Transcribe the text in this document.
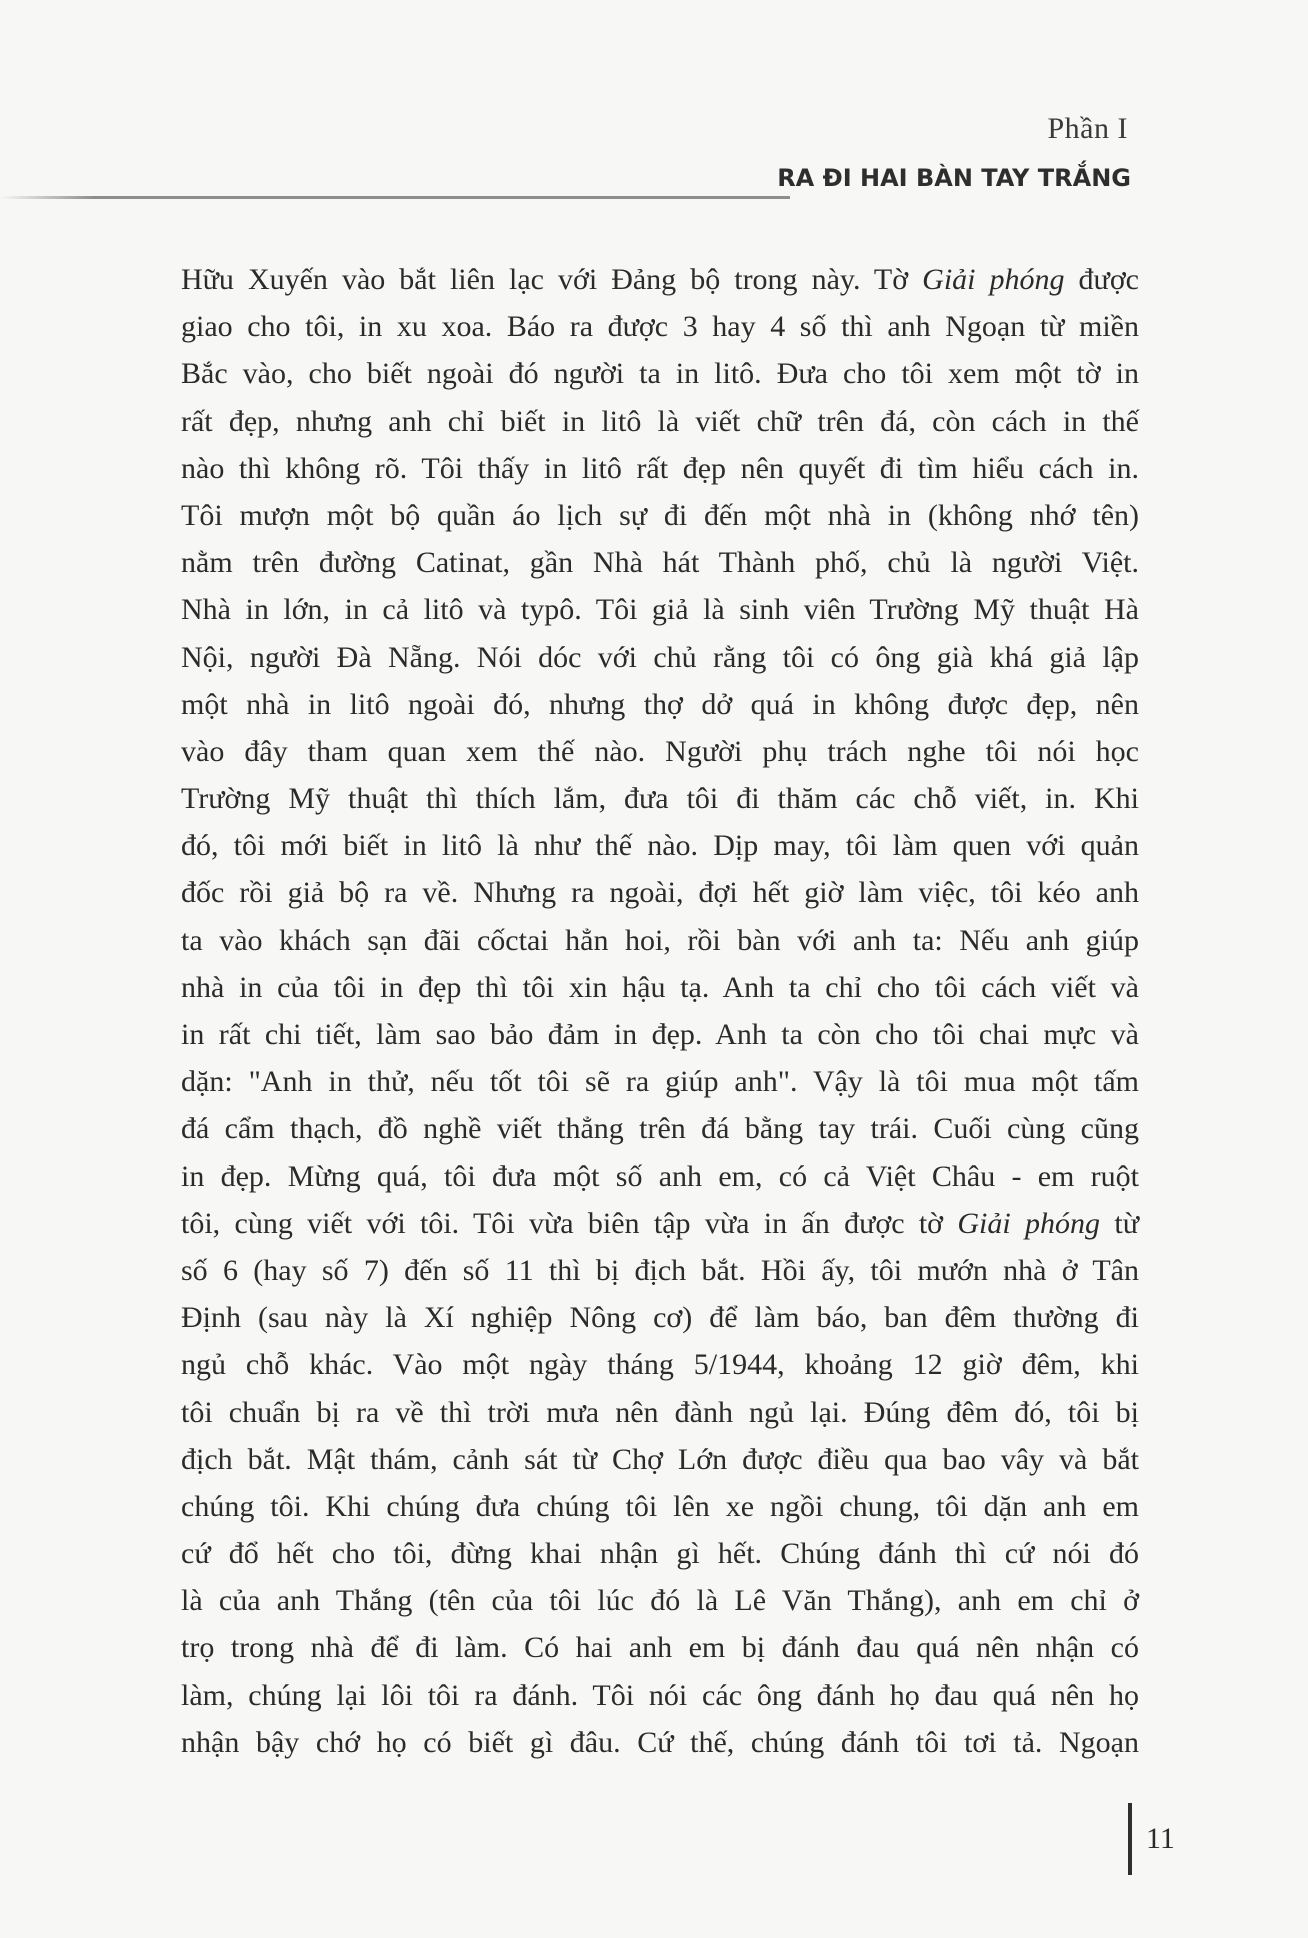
Phần I
RA ĐI HAI BÀN TAY TRẮNG
Hữu Xuyến vào bắt liên lạc với Đảng bộ trong này. Tờ Giải phóng được
giao cho tôi, in xu xoa. Báo ra được 3 hay 4 số thì anh Ngoạn từ miền
Bắc vào, cho biết ngoài đó người ta in litô. Đưa cho tôi xem một tờ in
rất đẹp, nhưng anh chỉ biết in litô là viết chữ trên đá, còn cách in thế
nào thì không rõ. Tôi thấy in litô rất đẹp nên quyết đi tìm hiểu cách in.
Tôi mượn một bộ quần áo lịch sự đi đến một nhà in (không nhớ tên)
nằm trên đường Catinat, gần Nhà hát Thành phố, chủ là người Việt.
Nhà in lớn, in cả litô và typô. Tôi giả là sinh viên Trường Mỹ thuật Hà
Nội, người Đà Nẵng. Nói dóc với chủ rằng tôi có ông già khá giả lập
một nhà in litô ngoài đó, nhưng thợ dở quá in không được đẹp, nên
vào đây tham quan xem thế nào. Người phụ trách nghe tôi nói học
Trường Mỹ thuật thì thích lắm, đưa tôi đi thăm các chỗ viết, in. Khi
đó, tôi mới biết in litô là như thế nào. Dịp may, tôi làm quen với quản
đốc rồi giả bộ ra về. Nhưng ra ngoài, đợi hết giờ làm việc, tôi kéo anh
ta vào khách sạn đãi cốctai hẳn hoi, rồi bàn với anh ta: Nếu anh giúp
nhà in của tôi in đẹp thì tôi xin hậu tạ. Anh ta chỉ cho tôi cách viết và
in rất chi tiết, làm sao bảo đảm in đẹp. Anh ta còn cho tôi chai mực và
dặn: "Anh in thử, nếu tốt tôi sẽ ra giúp anh". Vậy là tôi mua một tấm
đá cẩm thạch, đồ nghề viết thẳng trên đá bằng tay trái. Cuối cùng cũng
in đẹp. Mừng quá, tôi đưa một số anh em, có cả Việt Châu - em ruột
tôi, cùng viết với tôi. Tôi vừa biên tập vừa in ấn được tờ Giải phóng từ
số 6 (hay số 7) đến số 11 thì bị địch bắt. Hồi ấy, tôi mướn nhà ở Tân
Định (sau này là Xí nghiệp Nông cơ) để làm báo, ban đêm thường đi
ngủ chỗ khác. Vào một ngày tháng 5/1944, khoảng 12 giờ đêm, khi
tôi chuẩn bị ra về thì trời mưa nên đành ngủ lại. Đúng đêm đó, tôi bị
địch bắt. Mật thám, cảnh sát từ Chợ Lớn được điều qua bao vây và bắt
chúng tôi. Khi chúng đưa chúng tôi lên xe ngồi chung, tôi dặn anh em
cứ đổ hết cho tôi, đừng khai nhận gì hết. Chúng đánh thì cứ nói đó
là của anh Thắng (tên của tôi lúc đó là Lê Văn Thắng), anh em chỉ ở
trọ trong nhà để đi làm. Có hai anh em bị đánh đau quá nên nhận có
làm, chúng lại lôi tôi ra đánh. Tôi nói các ông đánh họ đau quá nên họ
nhận bậy chớ họ có biết gì đâu. Cứ thế, chúng đánh tôi tơi tả. Ngoạn
11
